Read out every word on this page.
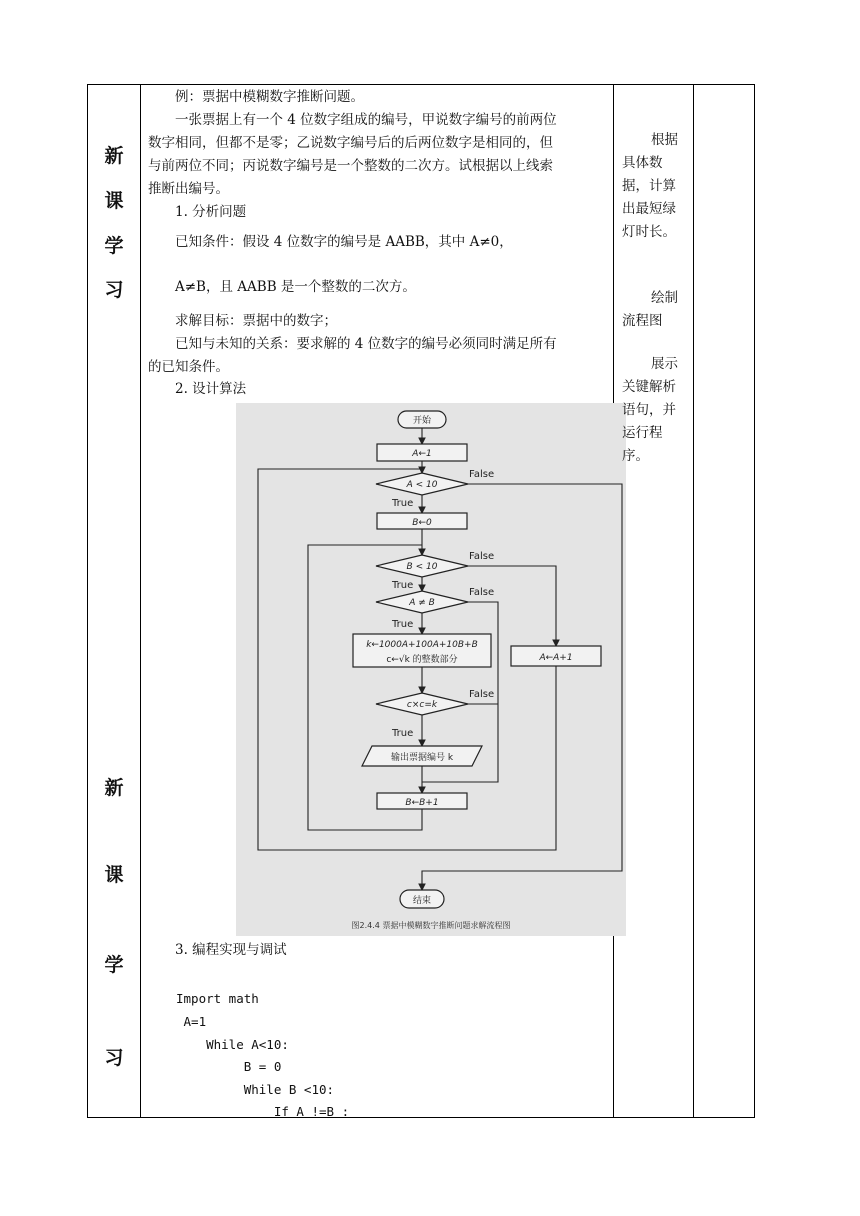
新
课
学
习
新
课
学
习
例：票据中模糊数字推断问题。
一张票据上有一个 4 位数字组成的编号，甲说数字编号的前两位
数字相同，但都不是零；乙说数字编号后的后两位数字是相同的，但
与前两位不同；丙说数字编号是一个整数的二次方。试根据以上线索
推断出编号。
1. 分析问题
已知条件：假设 4 位数字的编号是 AABB，其中 A≠0，
A≠B，且 AABB 是一个整数的二次方。
求解目标：票据中的数字；
已知与未知的关系：要求解的 4 位数字的编号必须同时满足所有
的已知条件。
2. 设计算法
开始
A←1
A < 10
B←0
B < 10
A ≠ B
k←1000A+100A+10B+B
c←√k 的整数部分
c×c=k
输出票据编号 k
B←B+1
A←A+1
结束
True
False
True
False
True
False
True
False
图2.4.4 票据中模糊数字推断问题求解流程图
3. 编程实现与调试
Import math
A=1
While A<10:
B = 0
While B <10:
If A !=B :
根据
具体数
据，计算
出最短绿
灯时长。
绘制
流程图
展示
关键解析
语句，并
运行程
序。
